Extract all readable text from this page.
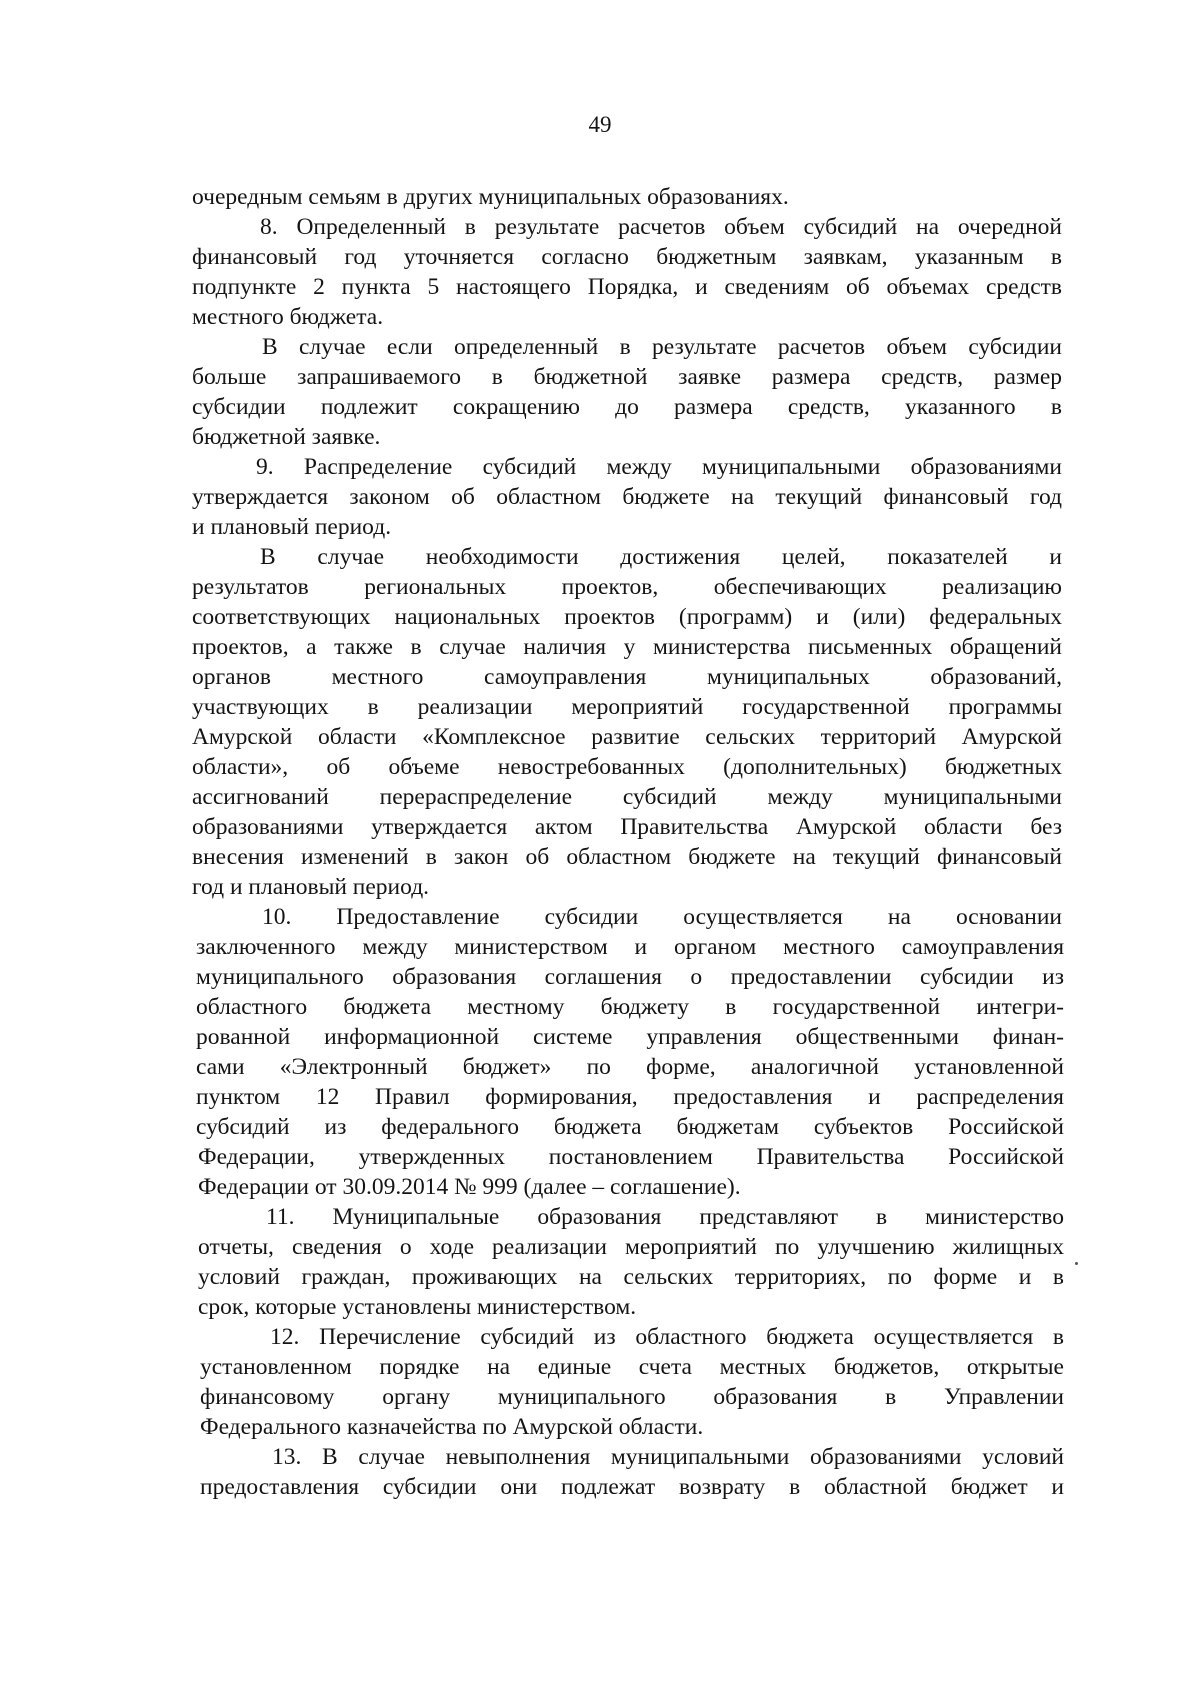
49
очередным семьям в других муниципальных образованиях.
8. Определенный в результате расчетов объем субсидий на очередной
финансовый год уточняется согласно бюджетным заявкам, указанным в
подпункте 2 пункта 5 настоящего Порядка, и сведениям об объемах средств
местного бюджета.
В случае если определенный в результате расчетов объем субсидии
больше запрашиваемого в бюджетной заявке размера средств, размер
субсидии подлежит сокращению до размера средств, указанного в
бюджетной заявке.
9. Распределение субсидий между муниципальными образованиями
утверждается законом об областном бюджете на текущий финансовый год
и плановый период.
В случае необходимости достижения целей, показателей и
результатов региональных проектов, обеспечивающих реализацию
соответствующих национальных проектов (программ) и (или) федеральных
проектов, а также в случае наличия у министерства письменных обращений
органов местного самоуправления муниципальных образований,
участвующих в реализации мероприятий государственной программы
Амурской области «Комплексное развитие сельских территорий Амурской
области», об объеме невостребованных (дополнительных) бюджетных
ассигнований перераспределение субсидий между муниципальными
образованиями утверждается актом Правительства Амурской области без
внесения изменений в закон об областном бюджете на текущий финансовый
год и плановый период.
10. Предоставление субсидии осуществляется на основании
заключенного между министерством и органом местного самоуправления
муниципального образования соглашения о предоставлении субсидии из
областного бюджета местному бюджету в государственной интегри-
рованной информационной системе управления общественными финан-
сами «Электронный бюджет» по форме, аналогичной установленной
пунктом 12 Правил формирования, предоставления и распределения
субсидий из федерального бюджета бюджетам субъектов Российской
Федерации, утвержденных постановлением Правительства Российской
Федерации от 30.09.2014 № 999 (далее – соглашение).
11. Муниципальные образования представляют в министерство
отчеты, сведения о ходе реализации мероприятий по улучшению жилищных
условий граждан, проживающих на сельских территориях, по форме и в
срок, которые установлены министерством.
12. Перечисление субсидий из областного бюджета осуществляется в
установленном порядке на единые счета местных бюджетов, открытые
финансовому органу муниципального образования в Управлении
Федерального казначейства по Амурской области.
13. В случае невыполнения муниципальными образованиями условий
предоставления субсидии они подлежат возврату в областной бюджет и
